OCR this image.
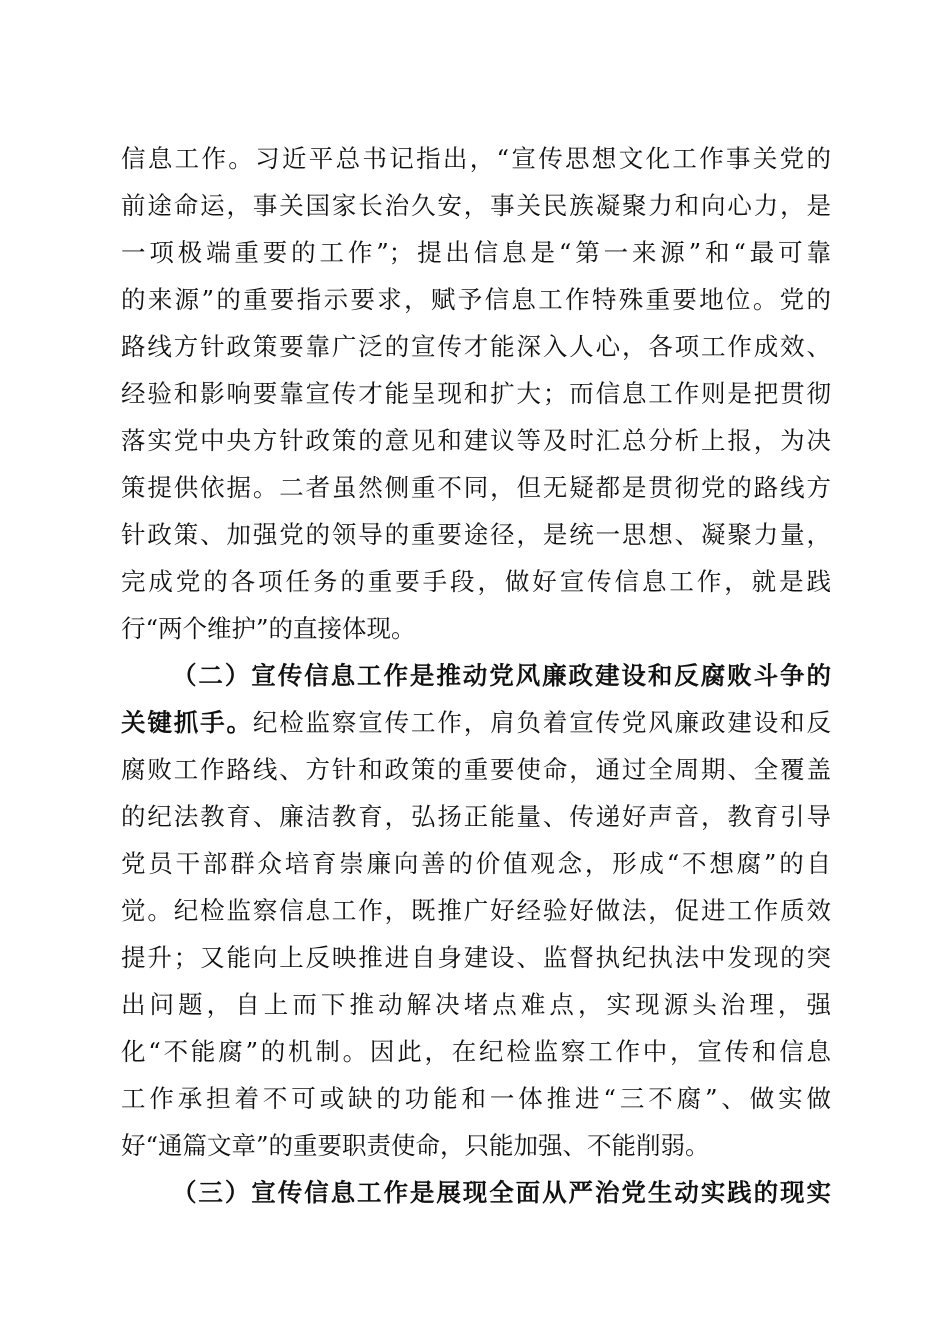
信息工作。习近平总书记指出，“宣传思想文化工作事关党的
前途命运，事关国家长治久安，事关民族凝聚力和向心力，是
一项极端重要的工作”；提出信息是“第一来源”和“最可靠
的来源”的重要指示要求，赋予信息工作特殊重要地位。党的
路线方针政策要靠广泛的宣传才能深入人心，各项工作成效、
经验和影响要靠宣传才能呈现和扩大；而信息工作则是把贯彻
落实党中央方针政策的意见和建议等及时汇总分析上报，为决
策提供依据。二者虽然侧重不同，但无疑都是贯彻党的路线方
针政策、加强党的领导的重要途径，是统一思想、凝聚力量，
完成党的各项任务的重要手段，做好宣传信息工作，就是践
行“两个维护”的直接体现。
（二）宣传信息工作是推动党风廉政建设和反腐败斗争的
关键抓手。纪检监察宣传工作，肩负着宣传党风廉政建设和反
腐败工作路线、方针和政策的重要使命，通过全周期、全覆盖
的纪法教育、廉洁教育，弘扬正能量、传递好声音，教育引导
党员干部群众培育崇廉向善的价值观念，形成“不想腐”的自
觉。纪检监察信息工作，既推广好经验好做法，促进工作质效
提升；又能向上反映推进自身建设、监督执纪执法中发现的突
出问题，自上而下推动解决堵点难点，实现源头治理，强
化“不能腐”的机制。因此，在纪检监察工作中，宣传和信息
工作承担着不可或缺的功能和一体推进“三不腐”、做实做
好“通篇文章”的重要职责使命，只能加强、不能削弱。
（三）宣传信息工作是展现全面从严治党生动实践的现实
